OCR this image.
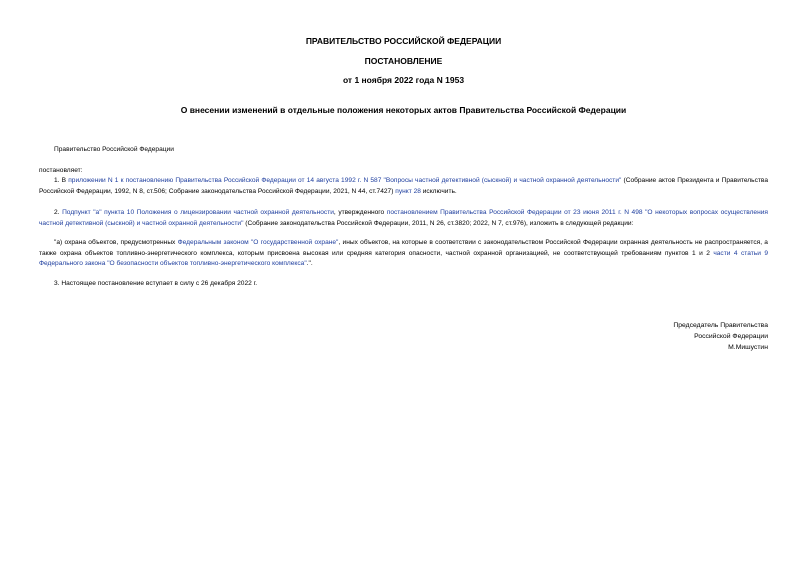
ПРАВИТЕЛЬСТВО РОССИЙСКОЙ ФЕДЕРАЦИИ
ПОСТАНОВЛЕНИЕ
от 1 ноября 2022 года N 1953
О внесении изменений в отдельные положения некоторых актов Правительства Российской Федерации
Правительство Российской Федерации
постановляет:
1. В приложении N 1 к постановлению Правительства Российской Федерации от 14 августа 1992 г. N 587 "Вопросы частной детективной (сыскной) и частной охранной деятельности" (Собрание актов Президента и Правительства Российской Федерации, 1992, N 8, ст.506; Собрание законодательства Российской Федерации, 2021, N 44, ст.7427) пункт 28 исключить.
2. Подпункт "а" пункта 10 Положения о лицензировании частной охранной деятельности, утвержденного постановлением Правительства Российской Федерации от 23 июня 2011 г. N 498 "О некоторых вопросах осуществления частной детективной (сыскной) и частной охранной деятельности" (Собрание законодательства Российской Федерации, 2011, N 26, ст.3820; 2022, N 7, ст.976), изложить в следующей редакции:
"а) охрана объектов, предусмотренных Федеральным законом "О государственной охране", иных объектов, на которые в соответствии с законодательством Российской Федерации охранная деятельность не распространяется, а также охрана объектов топливно-энергетического комплекса, которым присвоена высокая или средняя категория опасности, частной охранной организацией, не соответствующей требованиям пунктов 1 и 2 части 4 статьи 9 Федерального закона "О безопасности объектов топливно-энергетического комплекса".".
3. Настоящее постановление вступает в силу с 26 декабря 2022 г.
Председатель Правительства
Российской Федерации
М.Мишустин
